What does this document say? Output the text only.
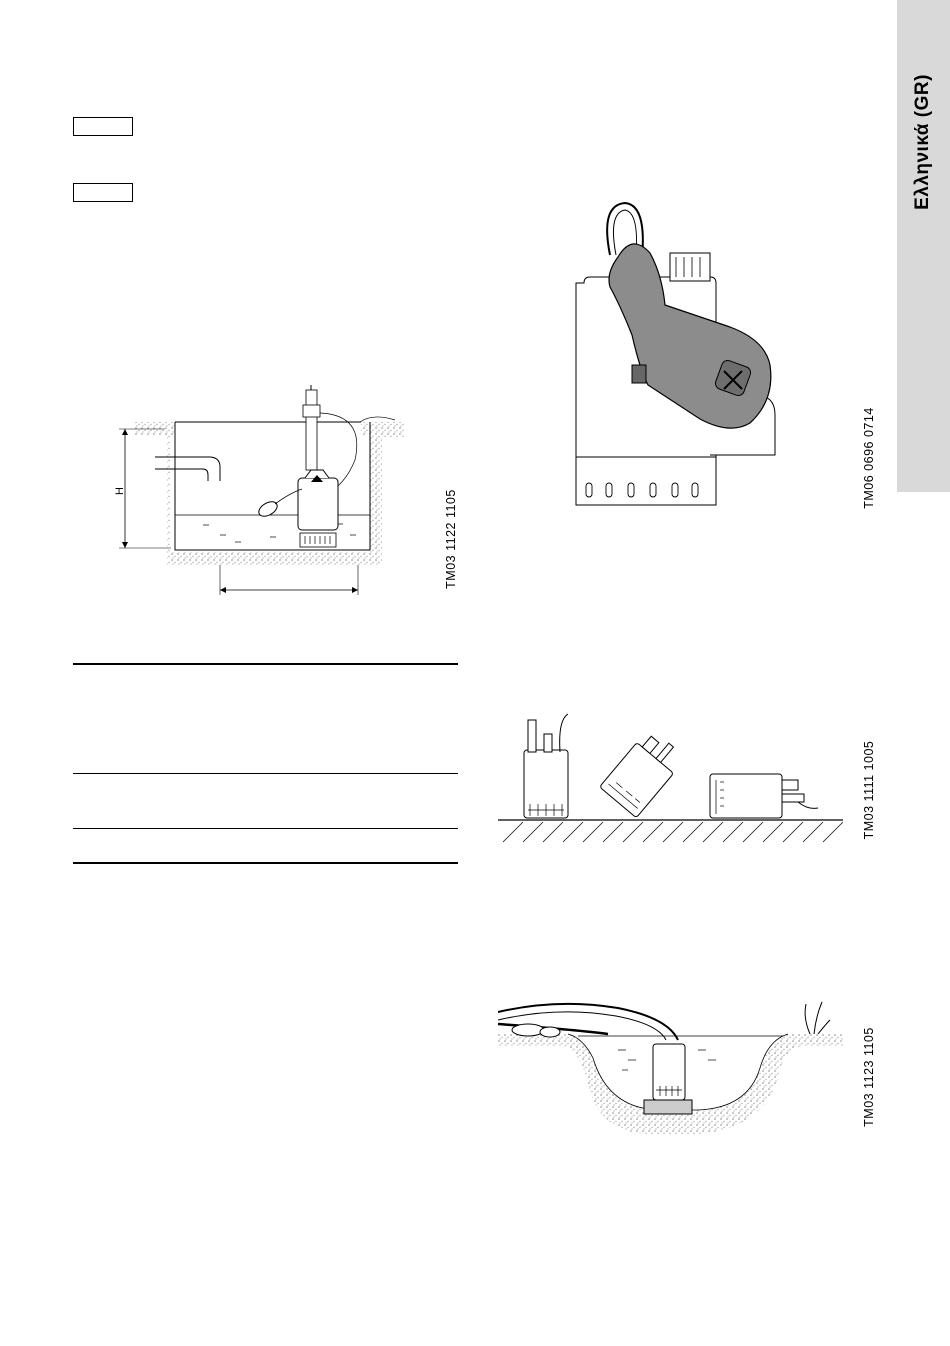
Ελληνικά (GR)
H	TM03 1122 1105
TM06 0696 0714
TM03 1111 1005
TM03 1123 1105
